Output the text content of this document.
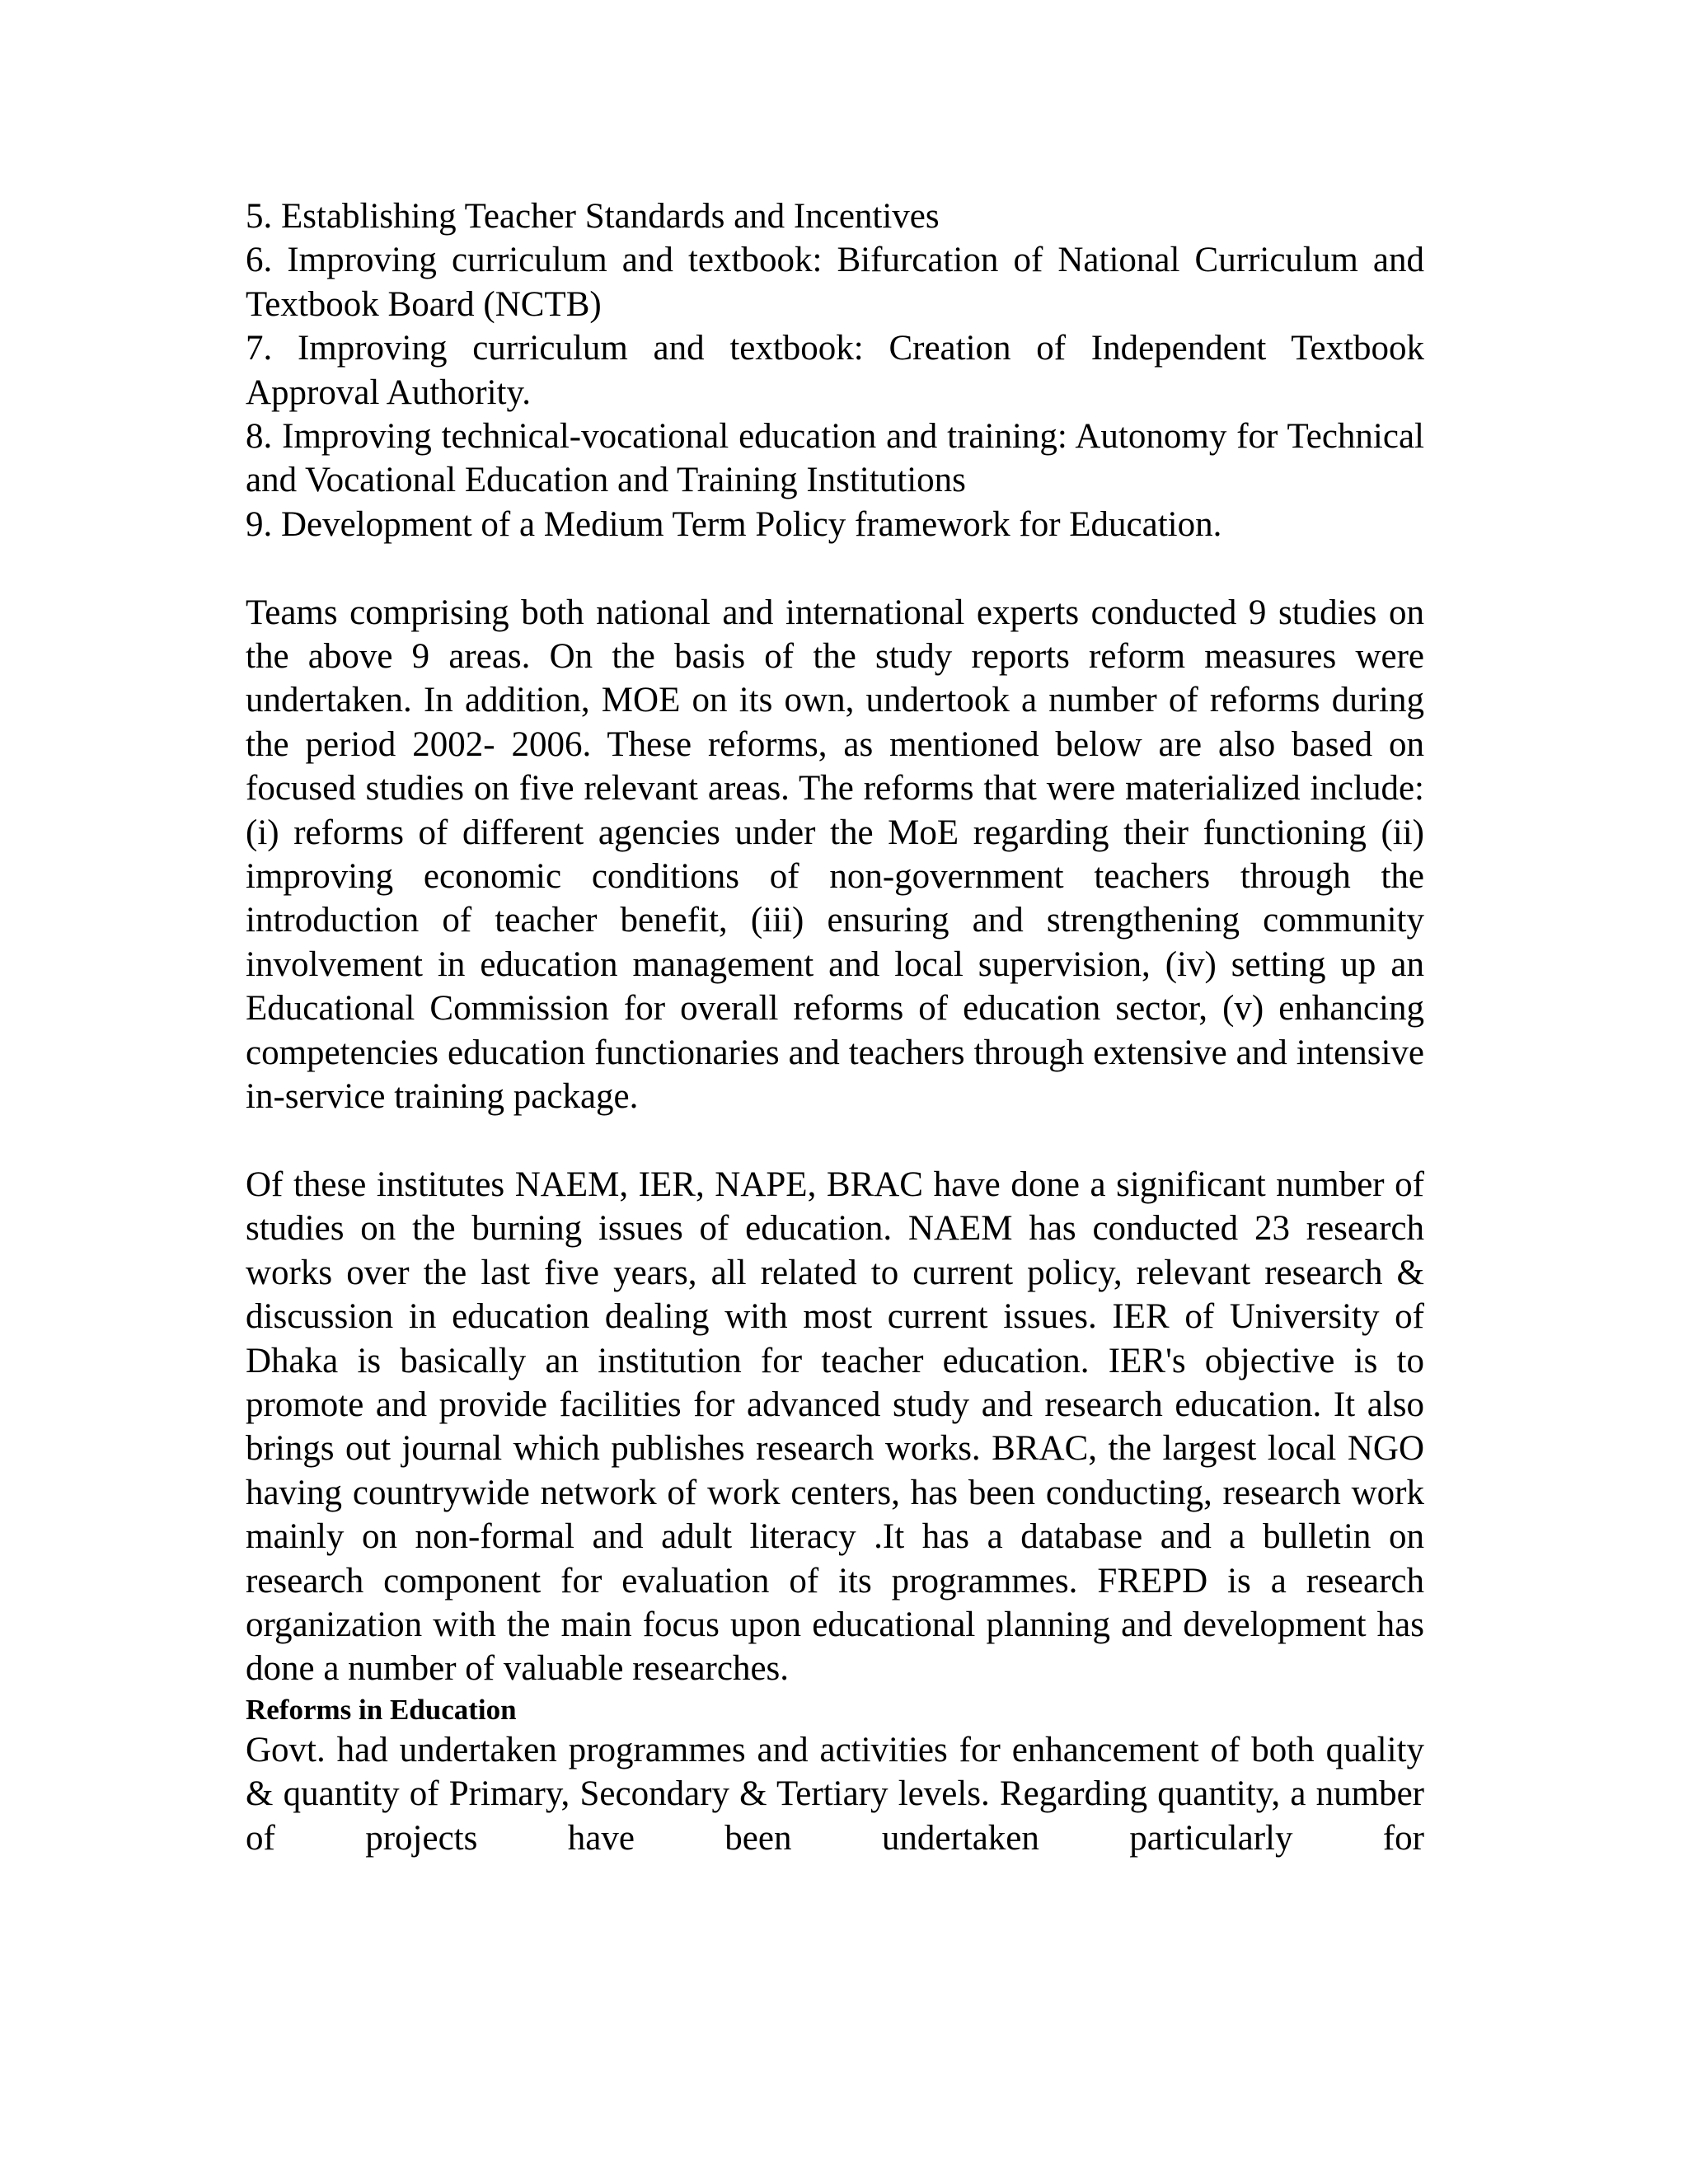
5. Establishing Teacher Standards and Incentives
6. Improving curriculum and textbook: Bifurcation of National Curriculum and Textbook Board (NCTB)
7. Improving curriculum and textbook: Creation of Independent Textbook Approval Authority.
8. Improving technical-vocational education and training: Autonomy for Technical and Vocational Education and Training Institutions
9. Development of a Medium Term Policy framework for Education.

Teams comprising both national and international experts conducted 9 studies on the above 9 areas. On the basis of the study reports reform measures were undertaken. In addition, MOE on its own, undertook a number of reforms during the period 2002- 2006. These reforms, as mentioned below are also based on focused studies on five relevant areas. The reforms that were materialized include: (i) reforms of different agencies under the MoE regarding their functioning (ii) improving economic conditions of non-government teachers through the introduction of teacher benefit, (iii) ensuring and strengthening community involvement in education management and local supervision, (iv) setting up an Educational Commission for overall reforms of education sector, (v) enhancing competencies education functionaries and teachers through extensive and intensive in-service training package.

Of these institutes NAEM, IER, NAPE, BRAC have done a significant number of studies on the burning issues of education. NAEM has conducted 23 research works over the last five years, all related to current policy, relevant research & discussion in education dealing with most current issues. IER of University of Dhaka is basically an institution for teacher education. IER's objective is to promote and provide facilities for advanced study and research education. It also brings out journal which publishes research works. BRAC, the largest local NGO having countrywide network of work centers, has been conducting, research work mainly on non-formal and adult literacy .It has a database and a bulletin on research component for evaluation of its programmes. FREPD is a research organization with the main focus upon educational planning and development has done a number of valuable researches.

Reforms in Education

Govt. had undertaken programmes and activities for enhancement of both quality & quantity of Primary, Secondary & Tertiary levels. Regarding quantity, a number of projects have been undertaken particularly for
